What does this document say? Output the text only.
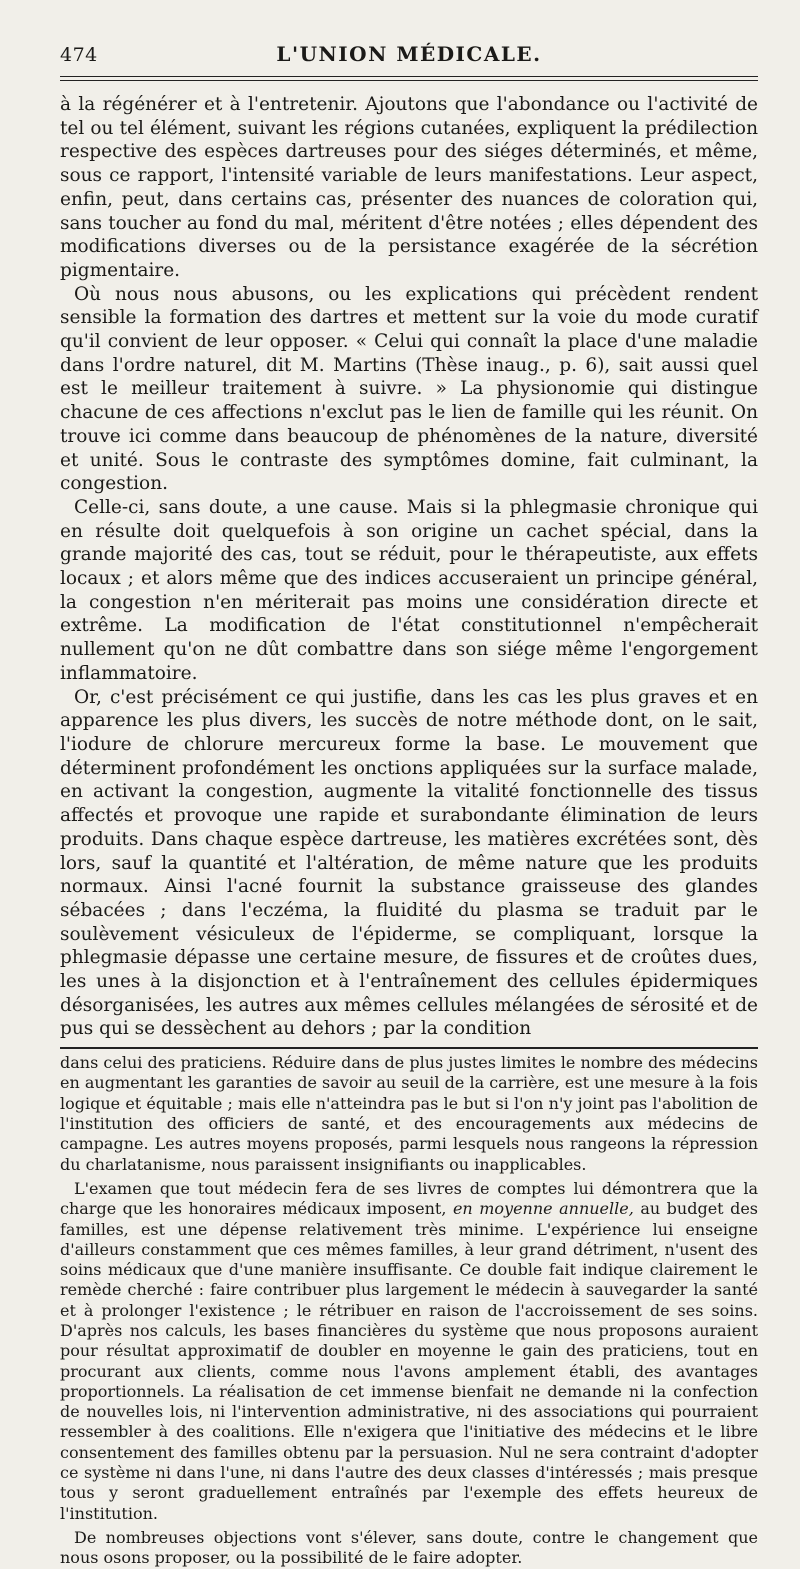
474	L'UNION MÉDICALE.

à la régénérer et à l'entretenir. Ajoutons que l'abondance ou l'activité de tel ou tel élément, suivant les régions cutanées, expliquent la prédilection respective des espèces dartreuses pour des siéges déterminés, et même, sous ce rapport, l'intensité variable de leurs manifestations. Leur aspect, enfin, peut, dans certains cas, présenter des nuances de coloration qui, sans toucher au fond du mal, méritent d'être notées ; elles dépendent des modifications diverses ou de la persistance exagérée de la sécrétion pigmentaire.

Où nous nous abusons, ou les explications qui précèdent rendent sensible la formation des dartres et mettent sur la voie du mode curatif qu'il convient de leur opposer. « Celui qui connaît la place d'une maladie dans l'ordre naturel, dit M. Martins (Thèse inaug., p. 6), sait aussi quel est le meilleur traitement à suivre. » La physionomie qui distingue chacune de ces affections n'exclut pas le lien de famille qui les réunit. On trouve ici comme dans beaucoup de phénomènes de la nature, diversité et unité. Sous le contraste des symptômes domine, fait culminant, la congestion.

Celle-ci, sans doute, a une cause. Mais si la phlegmasie chronique qui en résulte doit quelquefois à son origine un cachet spécial, dans la grande majorité des cas, tout se réduit, pour le thérapeutiste, aux effets locaux ; et alors même que des indices accuseraient un principe général, la congestion n'en mériterait pas moins une considération directe et extrême. La modification de l'état constitutionnel n'empêcherait nullement qu'on ne dût combattre dans son siége même l'engorgement inflammatoire.

Or, c'est précisément ce qui justifie, dans les cas les plus graves et en apparence les plus divers, les succès de notre méthode dont, on le sait, l'iodure de chlorure mercureux forme la base. Le mouvement que déterminent profondément les onctions appliquées sur la surface malade, en activant la congestion, augmente la vitalité fonctionnelle des tissus affectés et provoque une rapide et surabondante élimination de leurs produits. Dans chaque espèce dartreuse, les matières excrétées sont, dès lors, sauf la quantité et l'altération, de même nature que les produits normaux. Ainsi l'acné fournit la substance graisseuse des glandes sébacées ; dans l'eczéma, la fluidité du plasma se traduit par le soulèvement vésiculeux de l'épiderme, se compliquant, lorsque la phlegmasie dépasse une certaine mesure, de fissures et de croûtes dues, les unes à la disjonction et à l'entraînement des cellules épidermiques désorganisées, les autres aux mêmes cellules mélangées de sérosité et de pus qui se dessèchent au dehors ; par la condition

dans celui des praticiens. Réduire dans de plus justes limites le nombre des médecins en augmentant les garanties de savoir au seuil de la carrière, est une mesure à la fois logique et équitable ; mais elle n'atteindra pas le but si l'on n'y joint pas l'abolition de l'institution des officiers de santé, et des encouragements aux médecins de campagne. Les autres moyens proposés, parmi lesquels nous rangeons la répression du charlatanisme, nous paraissent insignifiants ou inapplicables.

L'examen que tout médecin fera de ses livres de comptes lui démontrera que la charge que les honoraires médicaux imposent, en moyenne annuelle, au budget des familles, est une dépense relativement très minime. L'expérience lui enseigne d'ailleurs constamment que ces mêmes familles, à leur grand détriment, n'usent des soins médicaux que d'une manière insuffisante. Ce double fait indique clairement le remède cherché : faire contribuer plus largement le médecin à sauvegarder la santé et à prolonger l'existence ; le rétribuer en raison de l'accroissement de ses soins. D'après nos calculs, les bases financières du système que nous proposons auraient pour résultat approximatif de doubler en moyenne le gain des praticiens, tout en procurant aux clients, comme nous l'avons amplement établi, des avantages proportionnels. La réalisation de cet immense bienfait ne demande ni la confection de nouvelles lois, ni l'intervention administrative, ni des associations qui pourraient ressembler à des coalitions. Elle n'exigera que l'initiative des médecins et le libre consentement des familles obtenu par la persuasion. Nul ne sera contraint d'adopter ce système ni dans l'une, ni dans l'autre des deux classes d'intéressés ; mais presque tous y seront graduellement entraînés par l'exemple des effets heureux de l'institution.

De nombreuses objections vont s'élever, sans doute, contre le changement que nous osons proposer, ou la possibilité de le faire adopter.
